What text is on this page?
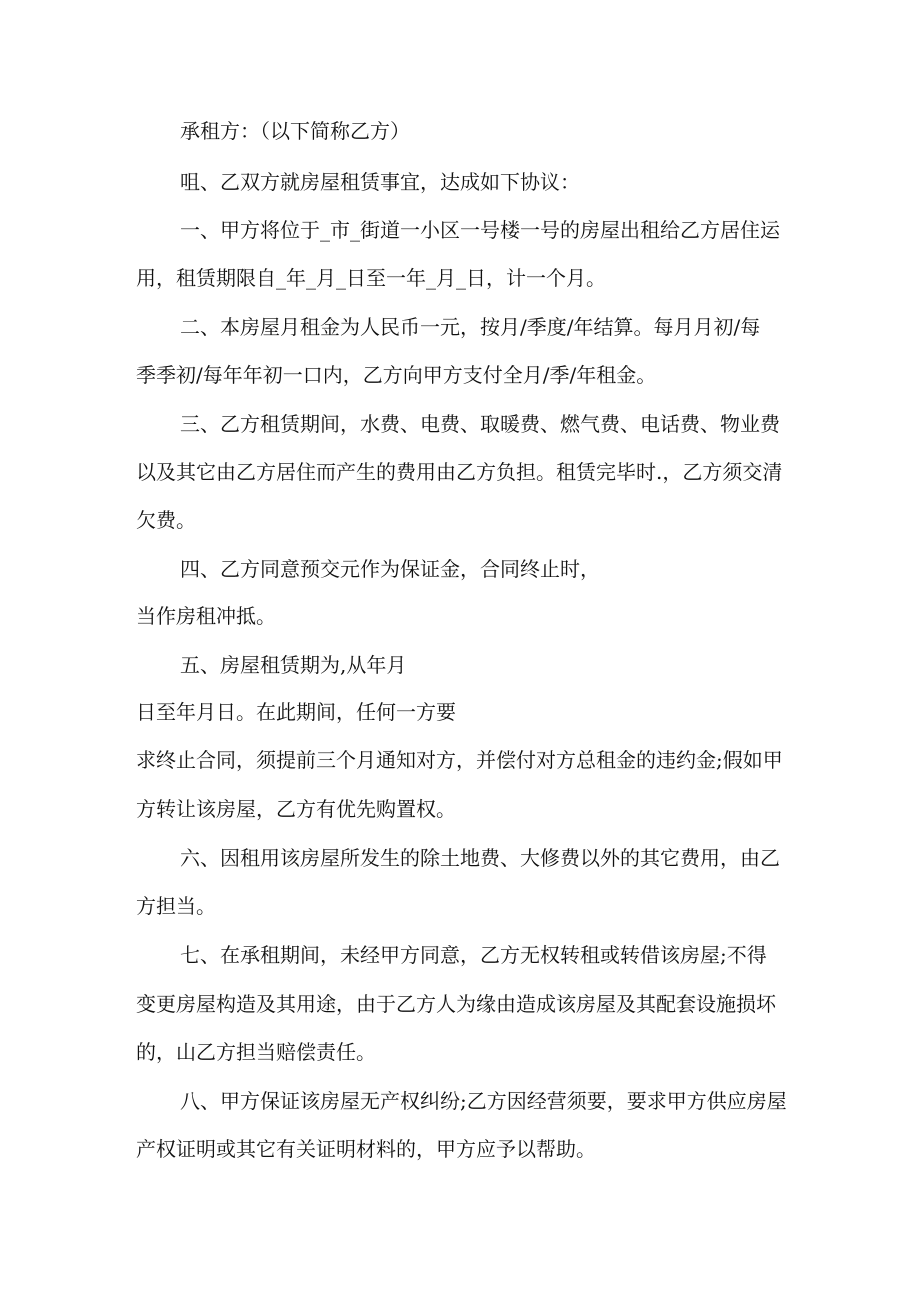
承租方：（以下简称乙方）
咀、乙双方就房屋租赁事宜，达成如下协议：
一、甲方将位于_市_街道一小区一号楼一号的房屋出租给乙方居住运
用，租赁期限自_年_月_日至一年_月_日，计一个月。
二、本房屋月租金为人民币一元，按月/季度/年结算。每月月初/每
季季初/每年年初一口内，乙方向甲方支付全月/季/年租金。
三、乙方租赁期间，水费、电费、取暖费、燃气费、电话费、物业费
以及其它由乙方居住而产生的费用由乙方负担。租赁完毕时.，乙方须交清
欠费。
四、乙方同意预交元作为保证金，合同终止时，
当作房租冲抵。
五、房屋租赁期为,从年月
日至年月日。在此期间，任何一方要
求终止合同，须提前三个月通知对方，并偿付对方总租金的违约金;假如甲
方转让该房屋，乙方有优先购置权。
六、因租用该房屋所发生的除土地费、大修费以外的其它费用，由乙
方担当。
七、在承租期间，未经甲方同意，乙方无权转租或转借该房屋;不得
变更房屋构造及其用途，由于乙方人为缘由造成该房屋及其配套设施损坏
的，山乙方担当赔偿责任。
八、甲方保证该房屋无产权纠纷;乙方因经营须要，要求甲方供应房屋
产权证明或其它有关证明材料的，甲方应予以帮助。
